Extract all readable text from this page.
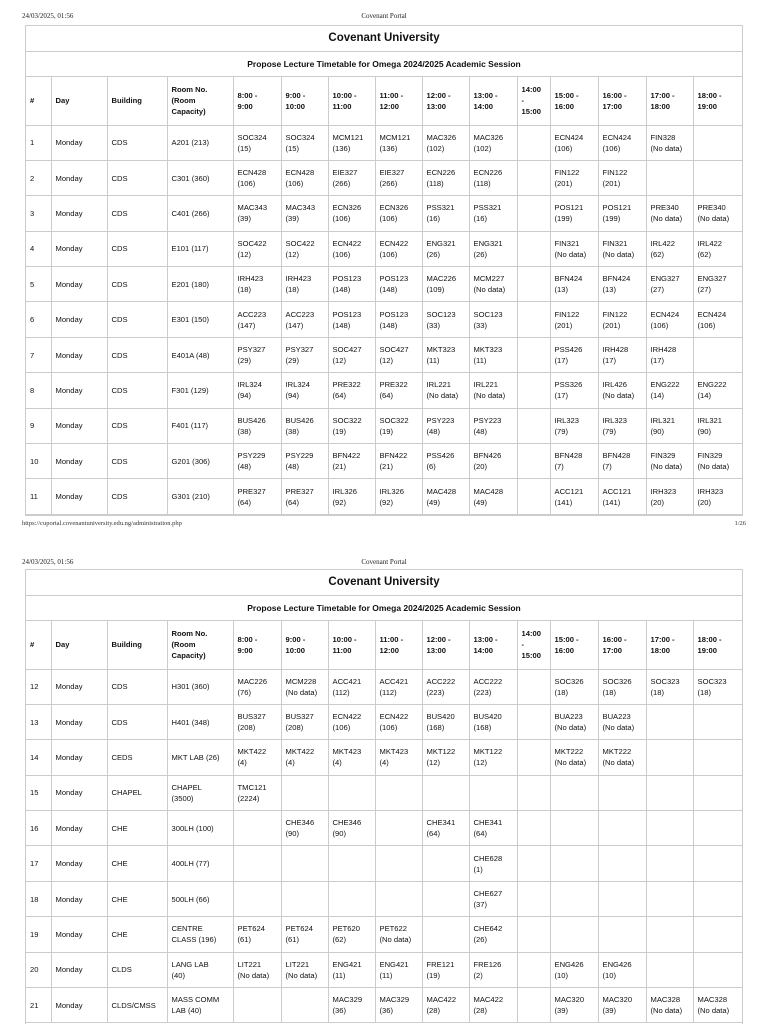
24/03/2025, 01:56	Covenant Portal
Covenant University
Propose Lecture Timetable for Omega 2024/2025 Academic Session
#	Day	Building	Room No.
(Room
Capacity)	8:00 -
9:00	9:00 -
10:00	10:00 -
11:00	11:00 -
12:00	12:00 -
13:00	13:00 -
14:00	14:00
-
15:00	15:00 -
16:00	16:00 -
17:00	17:00 -
18:00	18:00 -
19:00

1	Monday	CDS	A201 (213)	SOC324
(15)	SOC324
(15)	MCM121
(136)	MCM121
(136)	MAC326
(102)	MAC326
(102)		ECN424
(106)	ECN424
(106)	FIN328
(No data)	

2	Monday	CDS	C301 (360)	ECN428
(106)	ECN428
(106)	EIE327
(266)	EIE327
(266)	ECN226
(118)	ECN226
(118)		FIN122
(201)	FIN122
(201)		

3	Monday	CDS	C401 (266)	MAC343
(39)	MAC343
(39)	ECN326
(106)	ECN326
(106)	PSS321
(16)	PSS321
(16)		POS121
(199)	POS121
(199)	PRE340
(No data)	PRE340
(No data)

4	Monday	CDS	E101 (117)	SOC422
(12)	SOC422
(12)	ECN422
(106)	ECN422
(106)	ENG321
(26)	ENG321
(26)		FIN321
(No data)	FIN321
(No data)	IRL422
(62)	IRL422
(62)

5	Monday	CDS	E201 (180)	IRH423
(18)	IRH423
(18)	POS123
(148)	POS123
(148)	MAC226
(109)	MCM227
(No data)		BFN424
(13)	BFN424
(13)	ENG327
(27)	ENG327
(27)

6	Monday	CDS	E301 (150)	ACC223
(147)	ACC223
(147)	POS123
(148)	POS123
(148)	SOC123
(33)	SOC123
(33)		FIN122
(201)	FIN122
(201)	ECN424
(106)	ECN424
(106)

7	Monday	CDS	E401A (48)	PSY327
(29)	PSY327
(29)	SOC427
(12)	SOC427
(12)	MKT323
(11)	MKT323
(11)		PSS426
(17)	IRH428
(17)	IRH428
(17)	

8	Monday	CDS	F301 (129)	IRL324
(94)	IRL324
(94)	PRE322
(64)	PRE322
(64)	IRL221
(No data)	IRL221
(No data)		PSS326
(17)	IRL426
(No data)	ENG222
(14)	ENG222
(14)

9	Monday	CDS	F401 (117)	BUS426
(38)	BUS426
(38)	SOC322
(19)	SOC322
(19)	PSY223
(48)	PSY223
(48)		IRL323
(79)	IRL323
(79)	IRL321
(90)	IRL321
(90)

10	Monday	CDS	G201 (306)	PSY229
(48)	PSY229
(48)	BFN422
(21)	BFN422
(21)	PSS426
(6)	BFN426
(20)		BFN428
(7)	BFN428
(7)	FIN329
(No data)	FIN329
(No data)

11	Monday	CDS	G301 (210)	PRE327
(64)	PRE327
(64)	IRL326
(92)	IRL326
(92)	MAC428
(49)	MAC428
(49)		ACC121
(141)	ACC121
(141)	IRH323
(20)	IRH323
(20)
https://cuportal.covenantuniversity.edu.ng/administration.php	1/26
24/03/2025, 01:56	Covenant Portal
Covenant University
Propose Lecture Timetable for Omega 2024/2025 Academic Session
#	Day	Building	Room No.
(Room
Capacity)	8:00 -
9:00	9:00 -
10:00	10:00 -
11:00	11:00 -
12:00	12:00 -
13:00	13:00 -
14:00	14:00
-
15:00	15:00 -
16:00	16:00 -
17:00	17:00 -
18:00	18:00 -
19:00

12	Monday	CDS	H301 (360)	MAC226
(76)	MCM228
(No data)	ACC421
(112)	ACC421
(112)	ACC222
(223)	ACC222
(223)		SOC326
(18)	SOC326
(18)	SOC323
(18)	SOC323
(18)

13	Monday	CDS	H401 (348)	BUS327
(208)	BUS327
(208)	ECN422
(106)	ECN422
(106)	BUS420
(168)	BUS420
(168)		BUA223
(No data)	BUA223
(No data)		

14	Monday	CEDS	MKT LAB (26)	MKT422
(4)	MKT422
(4)	MKT423
(4)	MKT423
(4)	MKT122
(12)	MKT122
(12)		MKT222
(No data)	MKT222
(No data)		

15	Monday	CHAPEL	CHAPEL
(3500)	TMC121
(2224)										

16	Monday	CHE	300LH (100)		CHE346
(90)	CHE346
(90)		CHE341
(64)	CHE341
(64)					

17	Monday	CHE	400LH (77)						CHE628
(1)					

18	Monday	CHE	500LH (66)						CHE627
(37)					

19	Monday	CHE	CENTRE
CLASS (196)	PET624
(61)	PET624
(61)	PET620
(62)	PET622
(No data)		CHE642
(26)					

20	Monday	CLDS	LANG LAB
(40)	LIT221
(No data)	LIT221
(No data)	ENG421
(11)	ENG421
(11)	FRE121
(19)	FRE126
(2)		ENG426
(10)	ENG426
(10)		

21	Monday	CLDS/CMSS	MASS COMM
LAB (40)			MAC329
(36)	MAC329
(36)	MAC422
(28)	MAC422
(28)		MAC320
(39)	MAC320
(39)	MAC328
(No data)	MAC328
(No data)
